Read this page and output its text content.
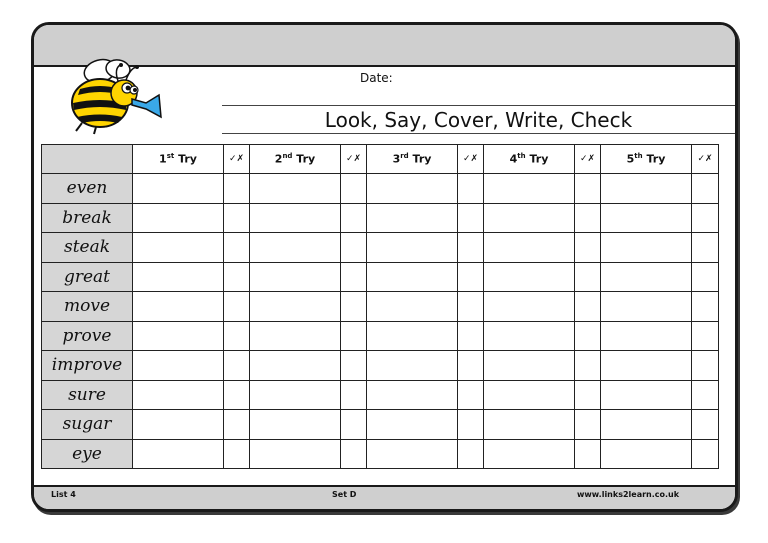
List 4	Set D	www.links2learn.co.uk
Date:
Look, Say, Cover, Write, Check
	1st Try	✓✗	2nd Try	✓✗	3rd Try	✓✗	4th Try	✓✗	5th Try	✓✗
even										
break										
steak										
great										
move										
prove										
improve										
sure										
sugar										
eye										
